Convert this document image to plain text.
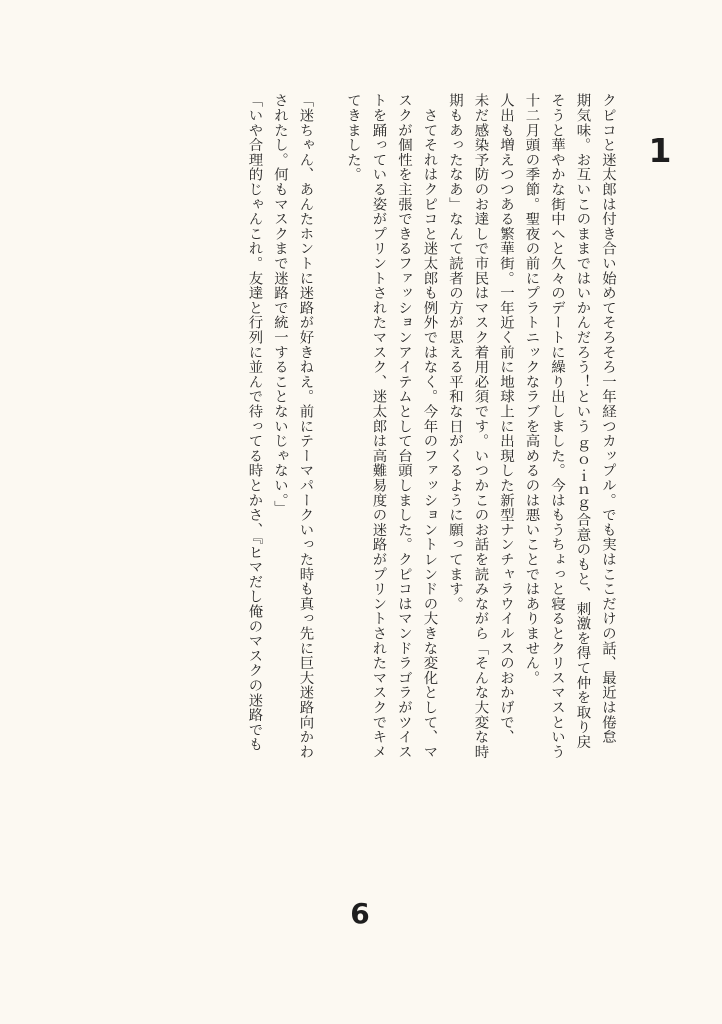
1

クピコと迷太郎は付き合い始めてそろそろ一年経つカップル。でも実はここだけの話、最近は倦怠
期気味。お互いこのままではいかんだろう！という ｇｏｉｎｇ合意のもと、刺激を得て仲を取り戻
そうと華やかな街中へと久々のデートに繰り出しました。今はもうちょっと寝るとクリスマスという
十二月頭の季節。聖夜の前にプラトニックなラブを高めるのは悪いことではありません。

人出も増えつつある繁華街。一年近く前に地球上に出現した新型ナンチャラウイルスのおかげで、
未だ感染予防のお達しで市民はマスク着用必須です。いつかこのお話を読みながら「そんな大変な時
期もあったなあ」なんて読者の方が思える平和な日がくるように願ってます。
　さてそれはクピコと迷太郎も例外ではなく。今年のファッショントレンドの大きな変化として、マ
スクが個性を主張できるファッションアイテムとして台頭しました。クピコはマンドラゴラがツイス
トを踊っている姿がプリントされたマスク、迷太郎は高難易度の迷路がプリントされたマスクでキメ
てきました。

「迷ちゃん、あんたホントに迷路が好きねえ。前にテーマパークいった時も真っ先に巨大迷路向かわ
されたし。何もマスクまで迷路で統一することないじゃない。」
「いや合理的じゃんこれ。友達と行列に並んで待ってる時とかさ、『ヒマだし俺のマスクの迷路でも

6
